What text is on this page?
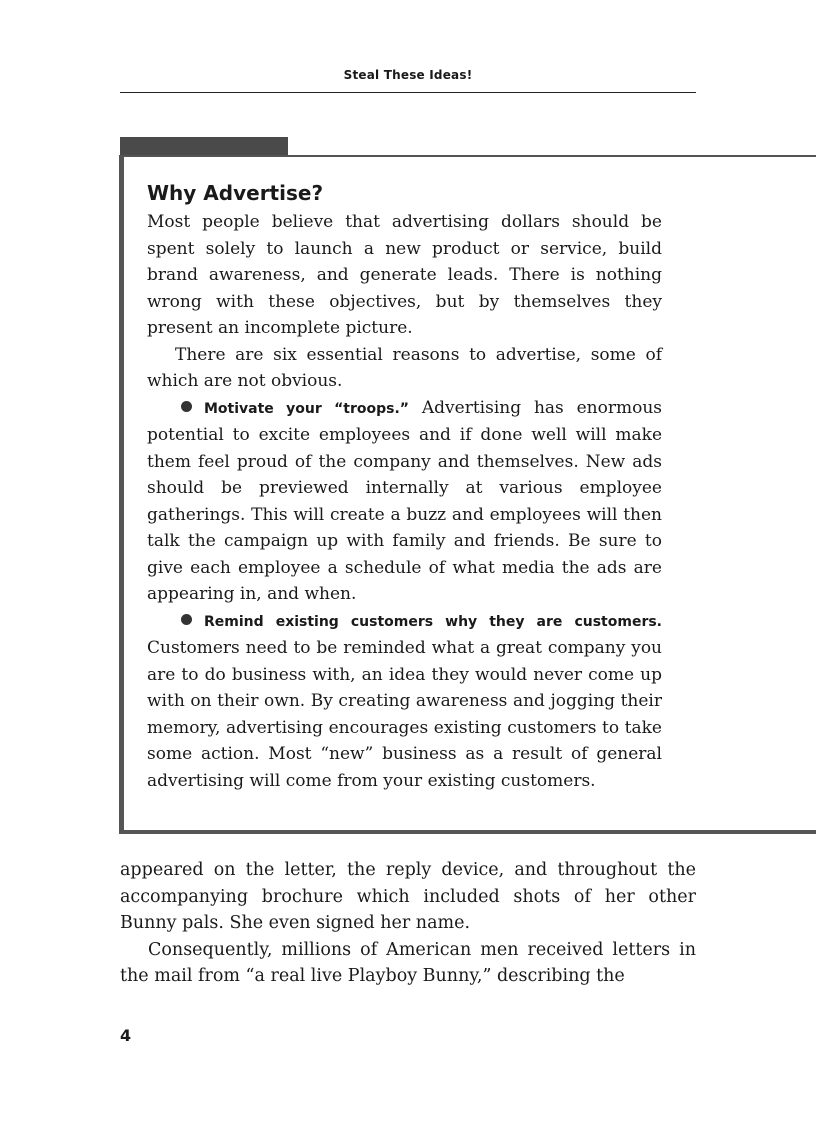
Steal These Ideas!
Why Advertise?

Most people believe that advertising dollars should be spent solely to launch a new product or service, build brand awareness, and generate leads. There is nothing wrong with these objectives, but by themselves they present an incomplete picture.

There are six essential reasons to advertise, some of which are not obvious.

Motivate your “troops.” Advertising has enormous potential to excite employees and if done well will make them feel proud of the company and themselves. New ads should be previewed internally at various employee gatherings. This will create a buzz and employees will then talk the campaign up with family and friends. Be sure to give each employee a schedule of what media the ads are appearing in, and when.

Remind existing customers why they are customers. Customers need to be reminded what a great company you are to do business with, an idea they would never come up with on their own. By creating awareness and jogging their memory, advertising encourages existing customers to take some action. Most “new” business as a result of general advertising will come from your existing customers.

appeared on the letter, the reply device, and throughout the accompanying brochure which included shots of her other Bunny pals. She even signed her name.

Consequently, millions of American men received letters in the mail from “a real live Playboy Bunny,” describing the

4
